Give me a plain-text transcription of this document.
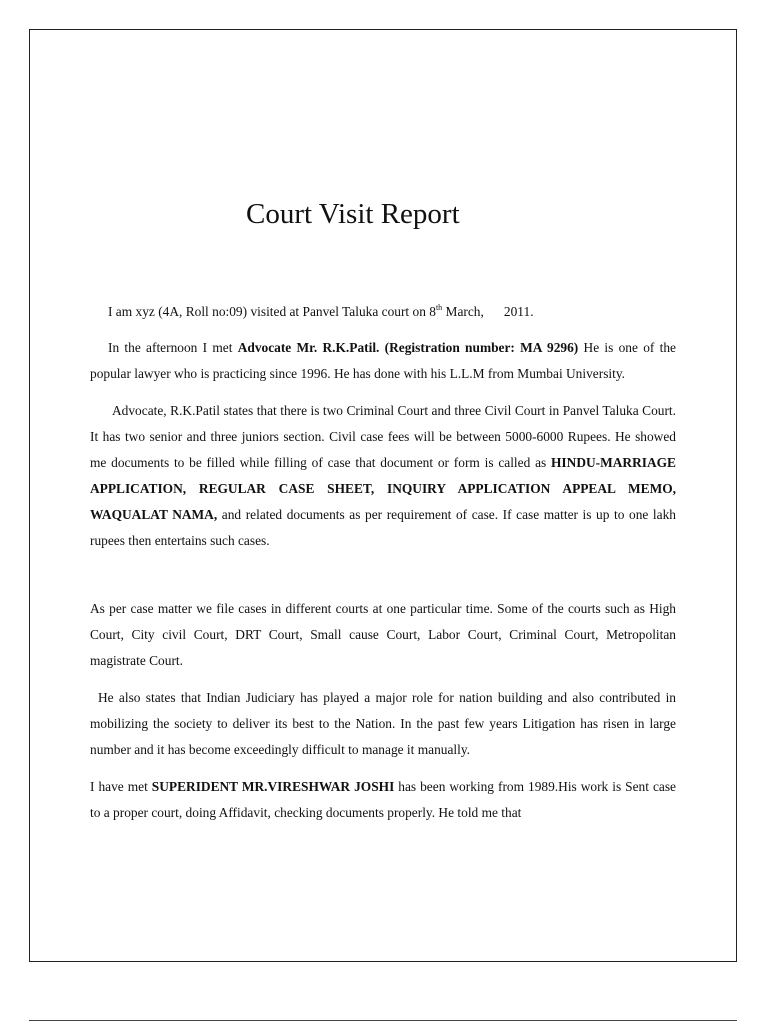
Court Visit Report

I am xyz (4A, Roll no:09) visited at Panvel Taluka court on 8th March,      2011.

In the afternoon I met Advocate Mr. R.K.Patil. (Registration number: MA 9296) He is one of the popular lawyer who is practicing since 1996. He has done with his L.L.M from Mumbai University.

Advocate, R.K.Patil states that there is two Criminal Court and three Civil Court in Panvel Taluka Court. It has two senior and three juniors section. Civil case fees will be between 5000-6000 Rupees. He showed me documents to be filled while filling of case that document or form is called as HINDU-MARRIAGE APPLICATION, REGULAR CASE SHEET, INQUIRY APPLICATION APPEAL MEMO, WAQUALAT NAMA, and related documents as per requirement of case. If case matter is up to one lakh rupees then entertains such cases.

As per case matter we file cases in different courts at one particular time. Some of the courts such as High Court, City civil Court, DRT Court, Small cause Court, Labor Court, Criminal Court, Metropolitan magistrate Court.

He also states that Indian Judiciary has played a major role for nation building and also contributed in mobilizing the society to deliver its best to the Nation. In the past few years Litigation has risen in large number and it has become exceedingly difficult to manage it manually.

I have met SUPERIDENT MR.VIRESHWAR JOSHI has been working from 1989.His work is Sent case to a proper court, doing Affidavit, checking documents properly. He told me that
